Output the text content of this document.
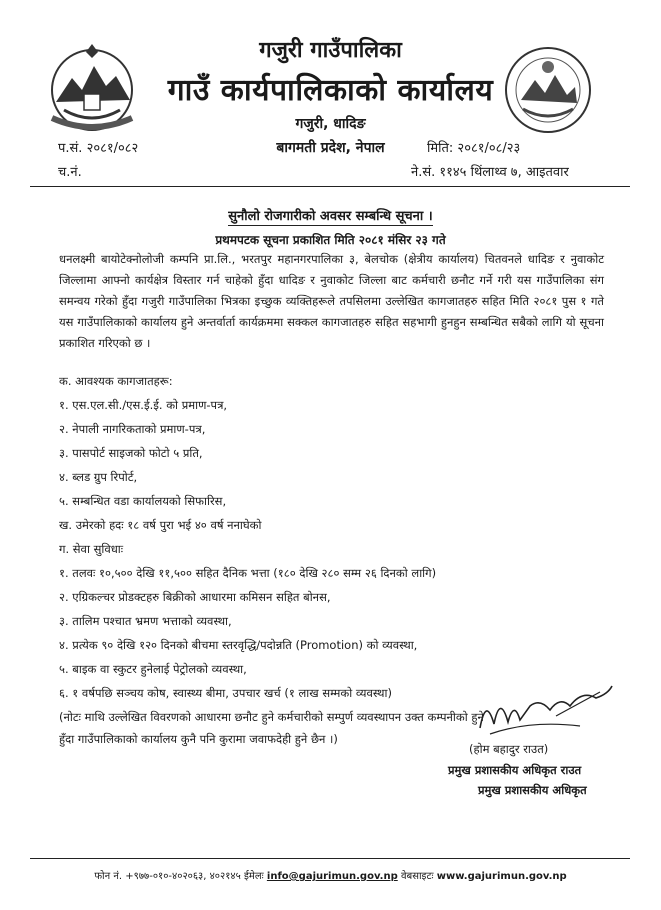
गजुरी गाउँपालिका
गाउँ कार्यपालिकाको कार्यालय
गजुरी, धादिङ
प.सं. २०८१/०८२	बागमती प्रदेश, नेपाल	मिति: २०८१/०८/२३
च.नं.	ने.सं. ११४५ थिंलाथ्व ७, आइतवार
सुनौलो रोजगारीको अवसर सम्बन्धि सूचना ।
प्रथमपटक सूचना प्रकाशित मिति २०८१ मंसिर २३ गते
धनलक्ष्मी बायोटेक्नोलोजी कम्पनि प्रा.लि., भरतपुर महानगरपालिका ३, बेलचोक (क्षेत्रीय कार्यालय) चितवनले धादिङ र नुवाकोट जिल्लामा आफ्नो कार्यक्षेत्र विस्तार गर्न चाहेको हुँदा धादिङ र नुवाकोट जिल्ला बाट कर्मचारी छनौट गर्ने गरी यस गाउँपालिका संग समन्वय गरेको हुँदा गजुरी गाउँपालिका भित्रका इच्छुक व्यक्तिहरूले तपसिलमा उल्लेखित कागजातहरु सहित मिति २०८१ पुस १ गते यस गाउँपालिकाको कार्यालय हुने अन्तर्वार्ता कार्यक्रममा सक्कल कागजातहरु सहित सहभागी हुनहुन सम्बन्धित सबैको लागि यो सूचना प्रकाशित गरिएको छ ।
क. आवश्यक कागजातहरू:
१. एस.एल.सी./एस.ई.ई. को प्रमाण-पत्र,
२. नेपाली नागरिकताको प्रमाण-पत्र,
३. पासपोर्ट साइजको फोटो ५ प्रति,
४. ब्लड ग्रुप रिपोर्ट,
५. सम्बन्धित वडा कार्यालयको सिफारिस,
ख. उमेरको हदः १८ वर्ष पुरा भई ४० वर्ष ननाघेको
ग. सेवा सुविधाः
१. तलवः १०,५०० देखि ११,५०० सहित दैनिक भत्ता (१८० देखि २८० सम्म २६ दिनको लागि)
२. एग्रिकल्चर प्रोडक्टहरु बिक्रीको आधारमा कमिसन सहित बोनस,
३. तालिम पश्चात भ्रमण भत्ताको व्यवस्था,
४. प्रत्येक ९० देखि १२० दिनको बीचमा स्तरवृद्धि/पदोन्नति (Promotion) को व्यवस्था,
५. बाइक वा स्कुटर हुनेलाई पेट्रोलको व्यवस्था,
६. १ वर्षपछि सञ्चय कोष, स्वास्थ्य बीमा, उपचार खर्च (१ लाख सम्मको व्यवस्था)
(नोटः माथि उल्लेखित विवरणको आधारमा छनौट हुने कर्मचारीको सम्पुर्ण व्यवस्थापन उक्त कम्पनीको हुने
हुँदा गाउँपालिकाको कार्यालय कुनै पनि कुरामा जवाफदेही हुने छैन ।)
(होम बहादुर राउत)
प्रमुख प्रशासकीय अधिकृत राउत
प्रमुख प्रशासकीय अधिकृत
फोन नं. +९७७-०१०-४०२०६३, ४०२१४५ ईमेलः info@gajurimun.gov.np वेबसाइटः www.gajurimun.gov.np
